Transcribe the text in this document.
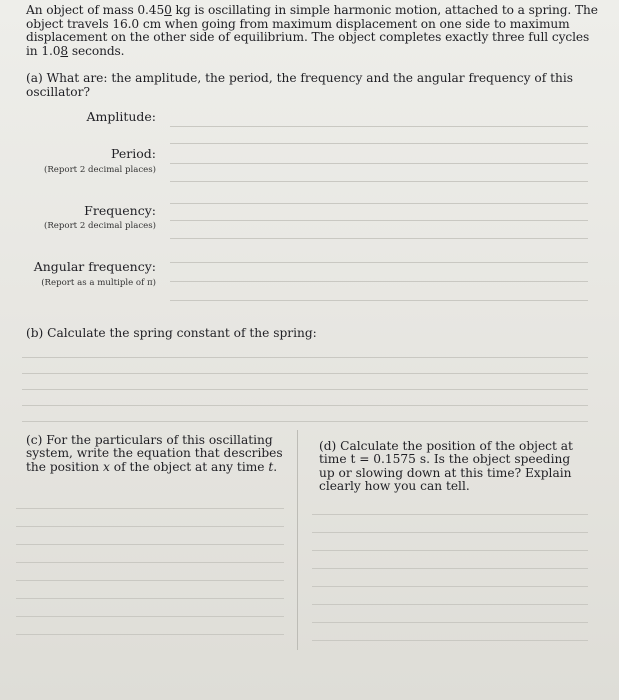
An object of mass 0.450 kg is oscillating in simple harmonic motion, attached to a spring. The object travels 16.0 cm when going from maximum displacement on one side to maximum displacement on the other side of equilibrium. The object completes exactly three full cycles in 1.08 seconds.
(a) What are: the amplitude, the period, the frequency and the angular frequency of this oscillator?
Amplitude:
Period:
(Report 2 decimal places)
Frequency:
(Report 2 decimal places)
Angular frequency:
(Report as a multiple of π)
(b) Calculate the spring constant of the spring:
(c) For the particulars of this oscillating system, write the equation that describes the position x of the object at any time t.
(d) Calculate the position of the object at time t = 0.1575 s. Is the object speeding up or slowing down at this time? Explain clearly how you can tell.
